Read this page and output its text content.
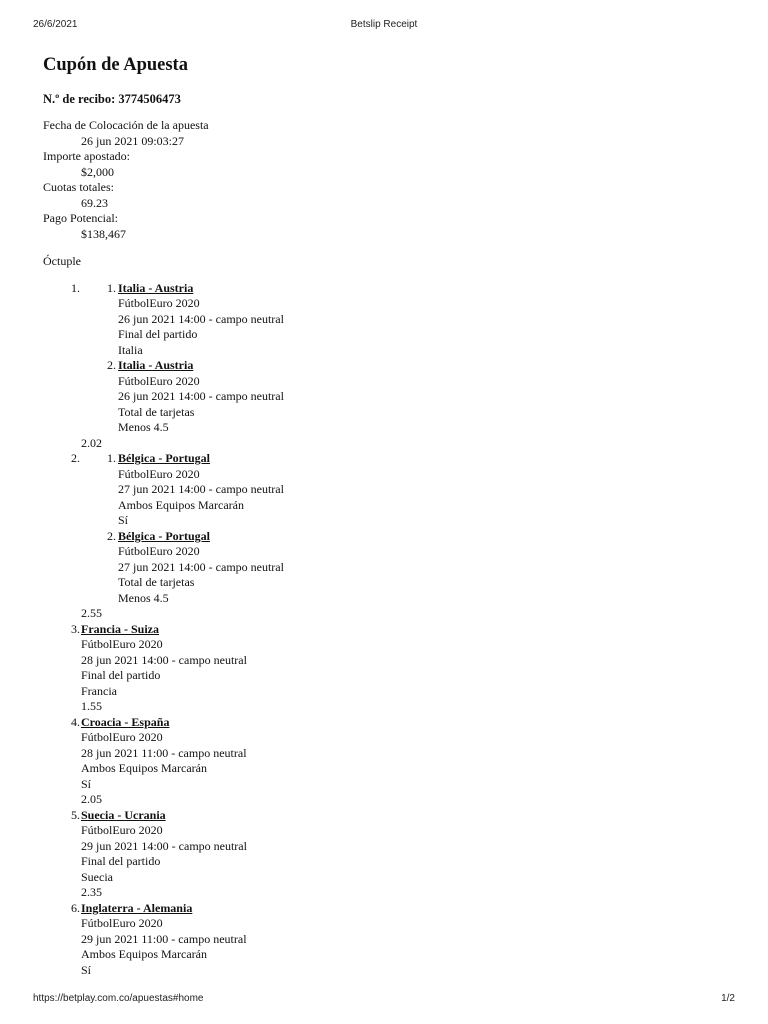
26/6/2021	Betslip Receipt
Cupón de Apuesta
N.º de recibo: 3774506473
Fecha de Colocación de la apuesta
26 jun 2021 09:03:27
Importe apostado:
$2,000
Cuotas totales:
69.23
Pago Potencial:
$138,467
Óctuple
1.	1. Italia - Austria
FútbolEuro 2020
26 jun 2021 14:00 - campo neutral
Final del partido
Italia
2. Italia - Austria
FútbolEuro 2020
26 jun 2021 14:00 - campo neutral
Total de tarjetas
Menos 4.5
2.02
2.	1. Bélgica - Portugal
FútbolEuro 2020
27 jun 2021 14:00 - campo neutral
Ambos Equipos Marcarán
Sí
2. Bélgica - Portugal
FútbolEuro 2020
27 jun 2021 14:00 - campo neutral
Total de tarjetas
Menos 4.5
2.55
3. Francia - Suiza
FútbolEuro 2020
28 jun 2021 14:00 - campo neutral
Final del partido
Francia
1.55
4. Croacia - España
FútbolEuro 2020
28 jun 2021 11:00 - campo neutral
Ambos Equipos Marcarán
Sí
2.05
5. Suecia - Ucrania
FútbolEuro 2020
29 jun 2021 14:00 - campo neutral
Final del partido
Suecia
2.35
6. Inglaterra - Alemania
FútbolEuro 2020
29 jun 2021 11:00 - campo neutral
Ambos Equipos Marcarán
Sí
https://betplay.com.co/apuestas#home	1/2
